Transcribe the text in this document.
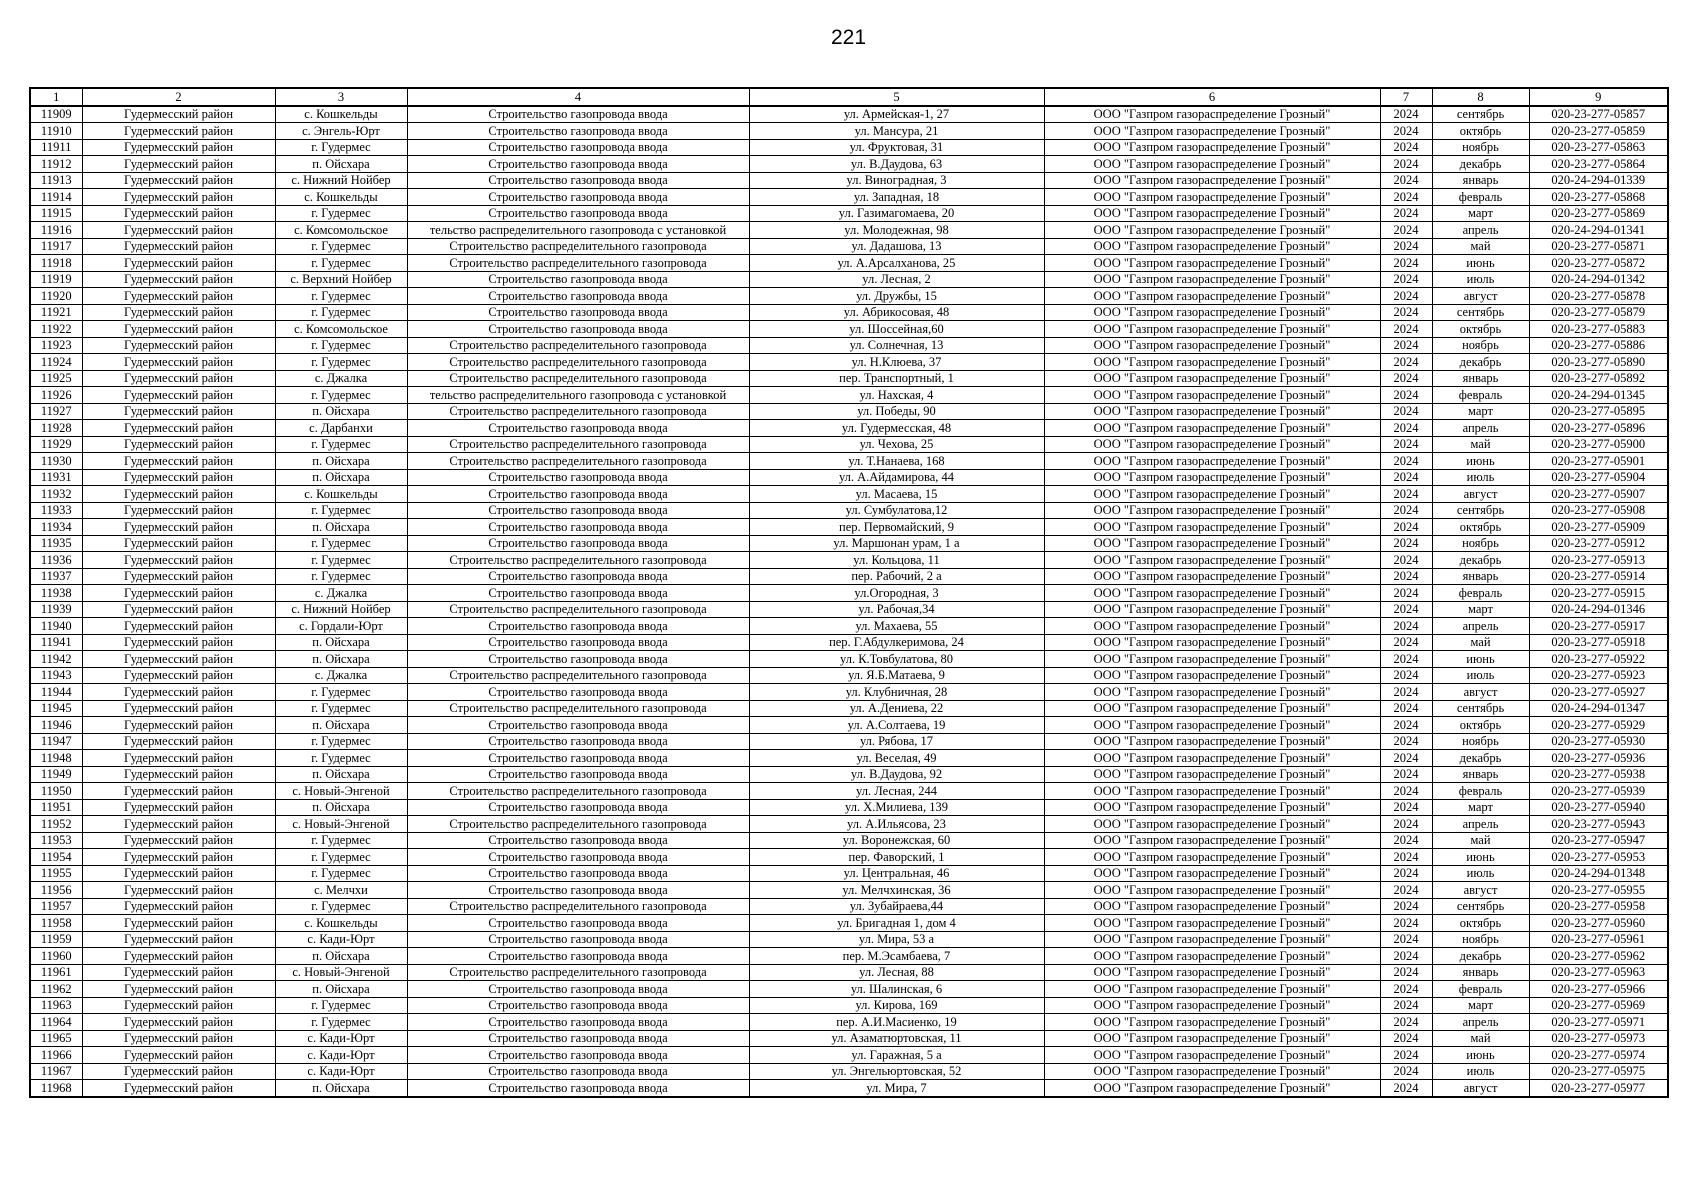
221
1	2	3	4	5	6	7	8	9
11909	Гудермесский район	с. Кошкельды	Строительство газопровода ввода	ул. Армейская-1, 27	ООО "Газпром газораспределение Грозный"	2024	сентябрь	020-23-277-05857
11910	Гудермесский район	с. Энгель-Юрт	Строительство газопровода ввода	ул. Мансура, 21	ООО "Газпром газораспределение Грозный"	2024	октябрь	020-23-277-05859
11911	Гудермесский район	г. Гудермес	Строительство газопровода ввода	ул. Фруктовая, 31	ООО "Газпром газораспределение Грозный"	2024	ноябрь	020-23-277-05863
11912	Гудермесский район	п. Ойсхара	Строительство газопровода ввода	ул. В.Даудова, 63	ООО "Газпром газораспределение Грозный"	2024	декабрь	020-23-277-05864
11913	Гудермесский район	с. Нижний Нойбер	Строительство газопровода ввода	ул. Виноградная, 3	ООО "Газпром газораспределение Грозный"	2024	январь	020-24-294-01339
11914	Гудермесский район	с. Кошкельды	Строительство газопровода ввода	ул. Западная, 18	ООО "Газпром газораспределение Грозный"	2024	февраль	020-23-277-05868
11915	Гудермесский район	г. Гудермес	Строительство газопровода ввода	ул. Газимагомаева, 20	ООО "Газпром газораспределение Грозный"	2024	март	020-23-277-05869
11916	Гудермесский район	с. Комсомольское	тельство распределительного газопровода с установкой	ул. Молодежная, 98	ООО "Газпром газораспределение Грозный"	2024	апрель	020-24-294-01341
11917	Гудермесский район	г. Гудермес	Строительство распределительного газопровода	ул. Дадашова, 13	ООО "Газпром газораспределение Грозный"	2024	май	020-23-277-05871
11918	Гудермесский район	г. Гудермес	Строительство распределительного газопровода	ул. А.Арсалханова, 25	ООО "Газпром газораспределение Грозный"	2024	июнь	020-23-277-05872
11919	Гудермесский район	с. Верхний Нойбер	Строительство газопровода ввода	ул. Лесная, 2	ООО "Газпром газораспределение Грозный"	2024	июль	020-24-294-01342
11920	Гудермесский район	г. Гудермес	Строительство газопровода ввода	ул. Дружбы, 15	ООО "Газпром газораспределение Грозный"	2024	август	020-23-277-05878
11921	Гудермесский район	г. Гудермес	Строительство газопровода ввода	ул. Абрикосовая, 48	ООО "Газпром газораспределение Грозный"	2024	сентябрь	020-23-277-05879
11922	Гудермесский район	с. Комсомольское	Строительство газопровода ввода	ул. Шоссейная,60	ООО "Газпром газораспределение Грозный"	2024	октябрь	020-23-277-05883
11923	Гудермесский район	г. Гудермес	Строительство распределительного газопровода	ул. Солнечная, 13	ООО "Газпром газораспределение Грозный"	2024	ноябрь	020-23-277-05886
11924	Гудермесский район	г. Гудермес	Строительство распределительного газопровода	ул. Н.Клюева, 37	ООО "Газпром газораспределение Грозный"	2024	декабрь	020-23-277-05890
11925	Гудермесский район	с. Джалка	Строительство распределительного газопровода	пер. Транспортный, 1	ООО "Газпром газораспределение Грозный"	2024	январь	020-23-277-05892
11926	Гудермесский район	г. Гудермес	тельство распределительного газопровода с установкой	ул. Нахская, 4	ООО "Газпром газораспределение Грозный"	2024	февраль	020-24-294-01345
11927	Гудермесский район	п. Ойсхара	Строительство распределительного газопровода	ул. Победы, 90	ООО "Газпром газораспределение Грозный"	2024	март	020-23-277-05895
11928	Гудермесский район	с. Дарбанхи	Строительство газопровода ввода	ул. Гудермесская, 48	ООО "Газпром газораспределение Грозный"	2024	апрель	020-23-277-05896
11929	Гудермесский район	г. Гудермес	Строительство распределительного газопровода	ул. Чехова, 25	ООО "Газпром газораспределение Грозный"	2024	май	020-23-277-05900
11930	Гудермесский район	п. Ойсхара	Строительство распределительного газопровода	ул. Т.Нанаева, 168	ООО "Газпром газораспределение Грозный"	2024	июнь	020-23-277-05901
11931	Гудермесский район	п. Ойсхара	Строительство газопровода ввода	ул. А.Айдамирова, 44	ООО "Газпром газораспределение Грозный"	2024	июль	020-23-277-05904
11932	Гудермесский район	с. Кошкельды	Строительство газопровода ввода	ул. Масаева, 15	ООО "Газпром газораспределение Грозный"	2024	август	020-23-277-05907
11933	Гудермесский район	г. Гудермес	Строительство газопровода ввода	ул. Сумбулатова,12	ООО "Газпром газораспределение Грозный"	2024	сентябрь	020-23-277-05908
11934	Гудермесский район	п. Ойсхара	Строительство газопровода ввода	пер. Первомайский, 9	ООО "Газпром газораспределение Грозный"	2024	октябрь	020-23-277-05909
11935	Гудермесский район	г. Гудермес	Строительство газопровода ввода	ул. Маршонан урам, 1 а	ООО "Газпром газораспределение Грозный"	2024	ноябрь	020-23-277-05912
11936	Гудермесский район	г. Гудермес	Строительство распределительного газопровода	ул. Кольцова, 11	ООО "Газпром газораспределение Грозный"	2024	декабрь	020-23-277-05913
11937	Гудермесский район	г. Гудермес	Строительство газопровода ввода	пер. Рабочий, 2 а	ООО "Газпром газораспределение Грозный"	2024	январь	020-23-277-05914
11938	Гудермесский район	с. Джалка	Строительство газопровода ввода	ул.Огородная, 3	ООО "Газпром газораспределение Грозный"	2024	февраль	020-23-277-05915
11939	Гудермесский район	с. Нижний Нойбер	Строительство распределительного газопровода	ул. Рабочая,34	ООО "Газпром газораспределение Грозный"	2024	март	020-24-294-01346
11940	Гудермесский район	с. Гордали-Юрт	Строительство газопровода ввода	ул. Махаева, 55	ООО "Газпром газораспределение Грозный"	2024	апрель	020-23-277-05917
11941	Гудермесский район	п. Ойсхара	Строительство газопровода ввода	пер. Г.Абдулкеримова, 24	ООО "Газпром газораспределение Грозный"	2024	май	020-23-277-05918
11942	Гудермесский район	п. Ойсхара	Строительство газопровода ввода	ул. К.Товбулатова, 80	ООО "Газпром газораспределение Грозный"	2024	июнь	020-23-277-05922
11943	Гудермесский район	с. Джалка	Строительство распределительного газопровода	ул. Я.Б.Матаева, 9	ООО "Газпром газораспределение Грозный"	2024	июль	020-23-277-05923
11944	Гудермесский район	г. Гудермес	Строительство газопровода ввода	ул. Клубничная, 28	ООО "Газпром газораспределение Грозный"	2024	август	020-23-277-05927
11945	Гудермесский район	г. Гудермес	Строительство распределительного газопровода	ул. А.Дениева, 22	ООО "Газпром газораспределение Грозный"	2024	сентябрь	020-24-294-01347
11946	Гудермесский район	п. Ойсхара	Строительство газопровода ввода	ул. А.Солтаева, 19	ООО "Газпром газораспределение Грозный"	2024	октябрь	020-23-277-05929
11947	Гудермесский район	г. Гудермес	Строительство газопровода ввода	ул. Рябова, 17	ООО "Газпром газораспределение Грозный"	2024	ноябрь	020-23-277-05930
11948	Гудермесский район	г. Гудермес	Строительство газопровода ввода	ул. Веселая, 49	ООО "Газпром газораспределение Грозный"	2024	декабрь	020-23-277-05936
11949	Гудермесский район	п. Ойсхара	Строительство газопровода ввода	ул. В.Даудова, 92	ООО "Газпром газораспределение Грозный"	2024	январь	020-23-277-05938
11950	Гудермесский район	с. Новый-Энгеной	Строительство распределительного газопровода	ул. Лесная, 244	ООО "Газпром газораспределение Грозный"	2024	февраль	020-23-277-05939
11951	Гудермесский район	п. Ойсхара	Строительство газопровода ввода	ул. Х.Милиева, 139	ООО "Газпром газораспределение Грозный"	2024	март	020-23-277-05940
11952	Гудермесский район	с. Новый-Энгеной	Строительство распределительного газопровода	ул. А.Ильясова, 23	ООО "Газпром газораспределение Грозный"	2024	апрель	020-23-277-05943
11953	Гудермесский район	г. Гудермес	Строительство газопровода ввода	ул. Воронежская, 60	ООО "Газпром газораспределение Грозный"	2024	май	020-23-277-05947
11954	Гудермесский район	г. Гудермес	Строительство газопровода ввода	пер. Фаворский, 1	ООО "Газпром газораспределение Грозный"	2024	июнь	020-23-277-05953
11955	Гудермесский район	г. Гудермес	Строительство газопровода ввода	ул. Центральная, 46	ООО "Газпром газораспределение Грозный"	2024	июль	020-24-294-01348
11956	Гудермесский район	с. Мелчхи	Строительство газопровода ввода	ул. Мелчхинская, 36	ООО "Газпром газораспределение Грозный"	2024	август	020-23-277-05955
11957	Гудермесский район	г. Гудермес	Строительство распределительного газопровода	ул. Зубайраева,44	ООО "Газпром газораспределение Грозный"	2024	сентябрь	020-23-277-05958
11958	Гудермесский район	с. Кошкельды	Строительство газопровода ввода	ул. Бригадная 1, дом 4	ООО "Газпром газораспределение Грозный"	2024	октябрь	020-23-277-05960
11959	Гудермесский район	с. Кади-Юрт	Строительство газопровода ввода	ул. Мира, 53 а	ООО "Газпром газораспределение Грозный"	2024	ноябрь	020-23-277-05961
11960	Гудермесский район	п. Ойсхара	Строительство газопровода ввода	пер. М.Эсамбаева, 7	ООО "Газпром газораспределение Грозный"	2024	декабрь	020-23-277-05962
11961	Гудермесский район	с. Новый-Энгеной	Строительство распределительного газопровода	ул. Лесная, 88	ООО "Газпром газораспределение Грозный"	2024	январь	020-23-277-05963
11962	Гудермесский район	п. Ойсхара	Строительство газопровода ввода	ул. Шалинская, 6	ООО "Газпром газораспределение Грозный"	2024	февраль	020-23-277-05966
11963	Гудермесский район	г. Гудермес	Строительство газопровода ввода	ул. Кирова, 169	ООО "Газпром газораспределение Грозный"	2024	март	020-23-277-05969
11964	Гудермесский район	г. Гудермес	Строительство газопровода ввода	пер. А.И.Масиенко, 19	ООО "Газпром газораспределение Грозный"	2024	апрель	020-23-277-05971
11965	Гудермесский район	с. Кади-Юрт	Строительство газопровода ввода	ул. Азаматюртовская, 11	ООО "Газпром газораспределение Грозный"	2024	май	020-23-277-05973
11966	Гудермесский район	с. Кади-Юрт	Строительство газопровода ввода	ул. Гаражная, 5 а	ООО "Газпром газораспределение Грозный"	2024	июнь	020-23-277-05974
11967	Гудермесский район	с. Кади-Юрт	Строительство газопровода ввода	ул. Энгельюртовская, 52	ООО "Газпром газораспределение Грозный"	2024	июль	020-23-277-05975
11968	Гудермесский район	п. Ойсхара	Строительство газопровода ввода	ул. Мира, 7	ООО "Газпром газораспределение Грозный"	2024	август	020-23-277-05977
